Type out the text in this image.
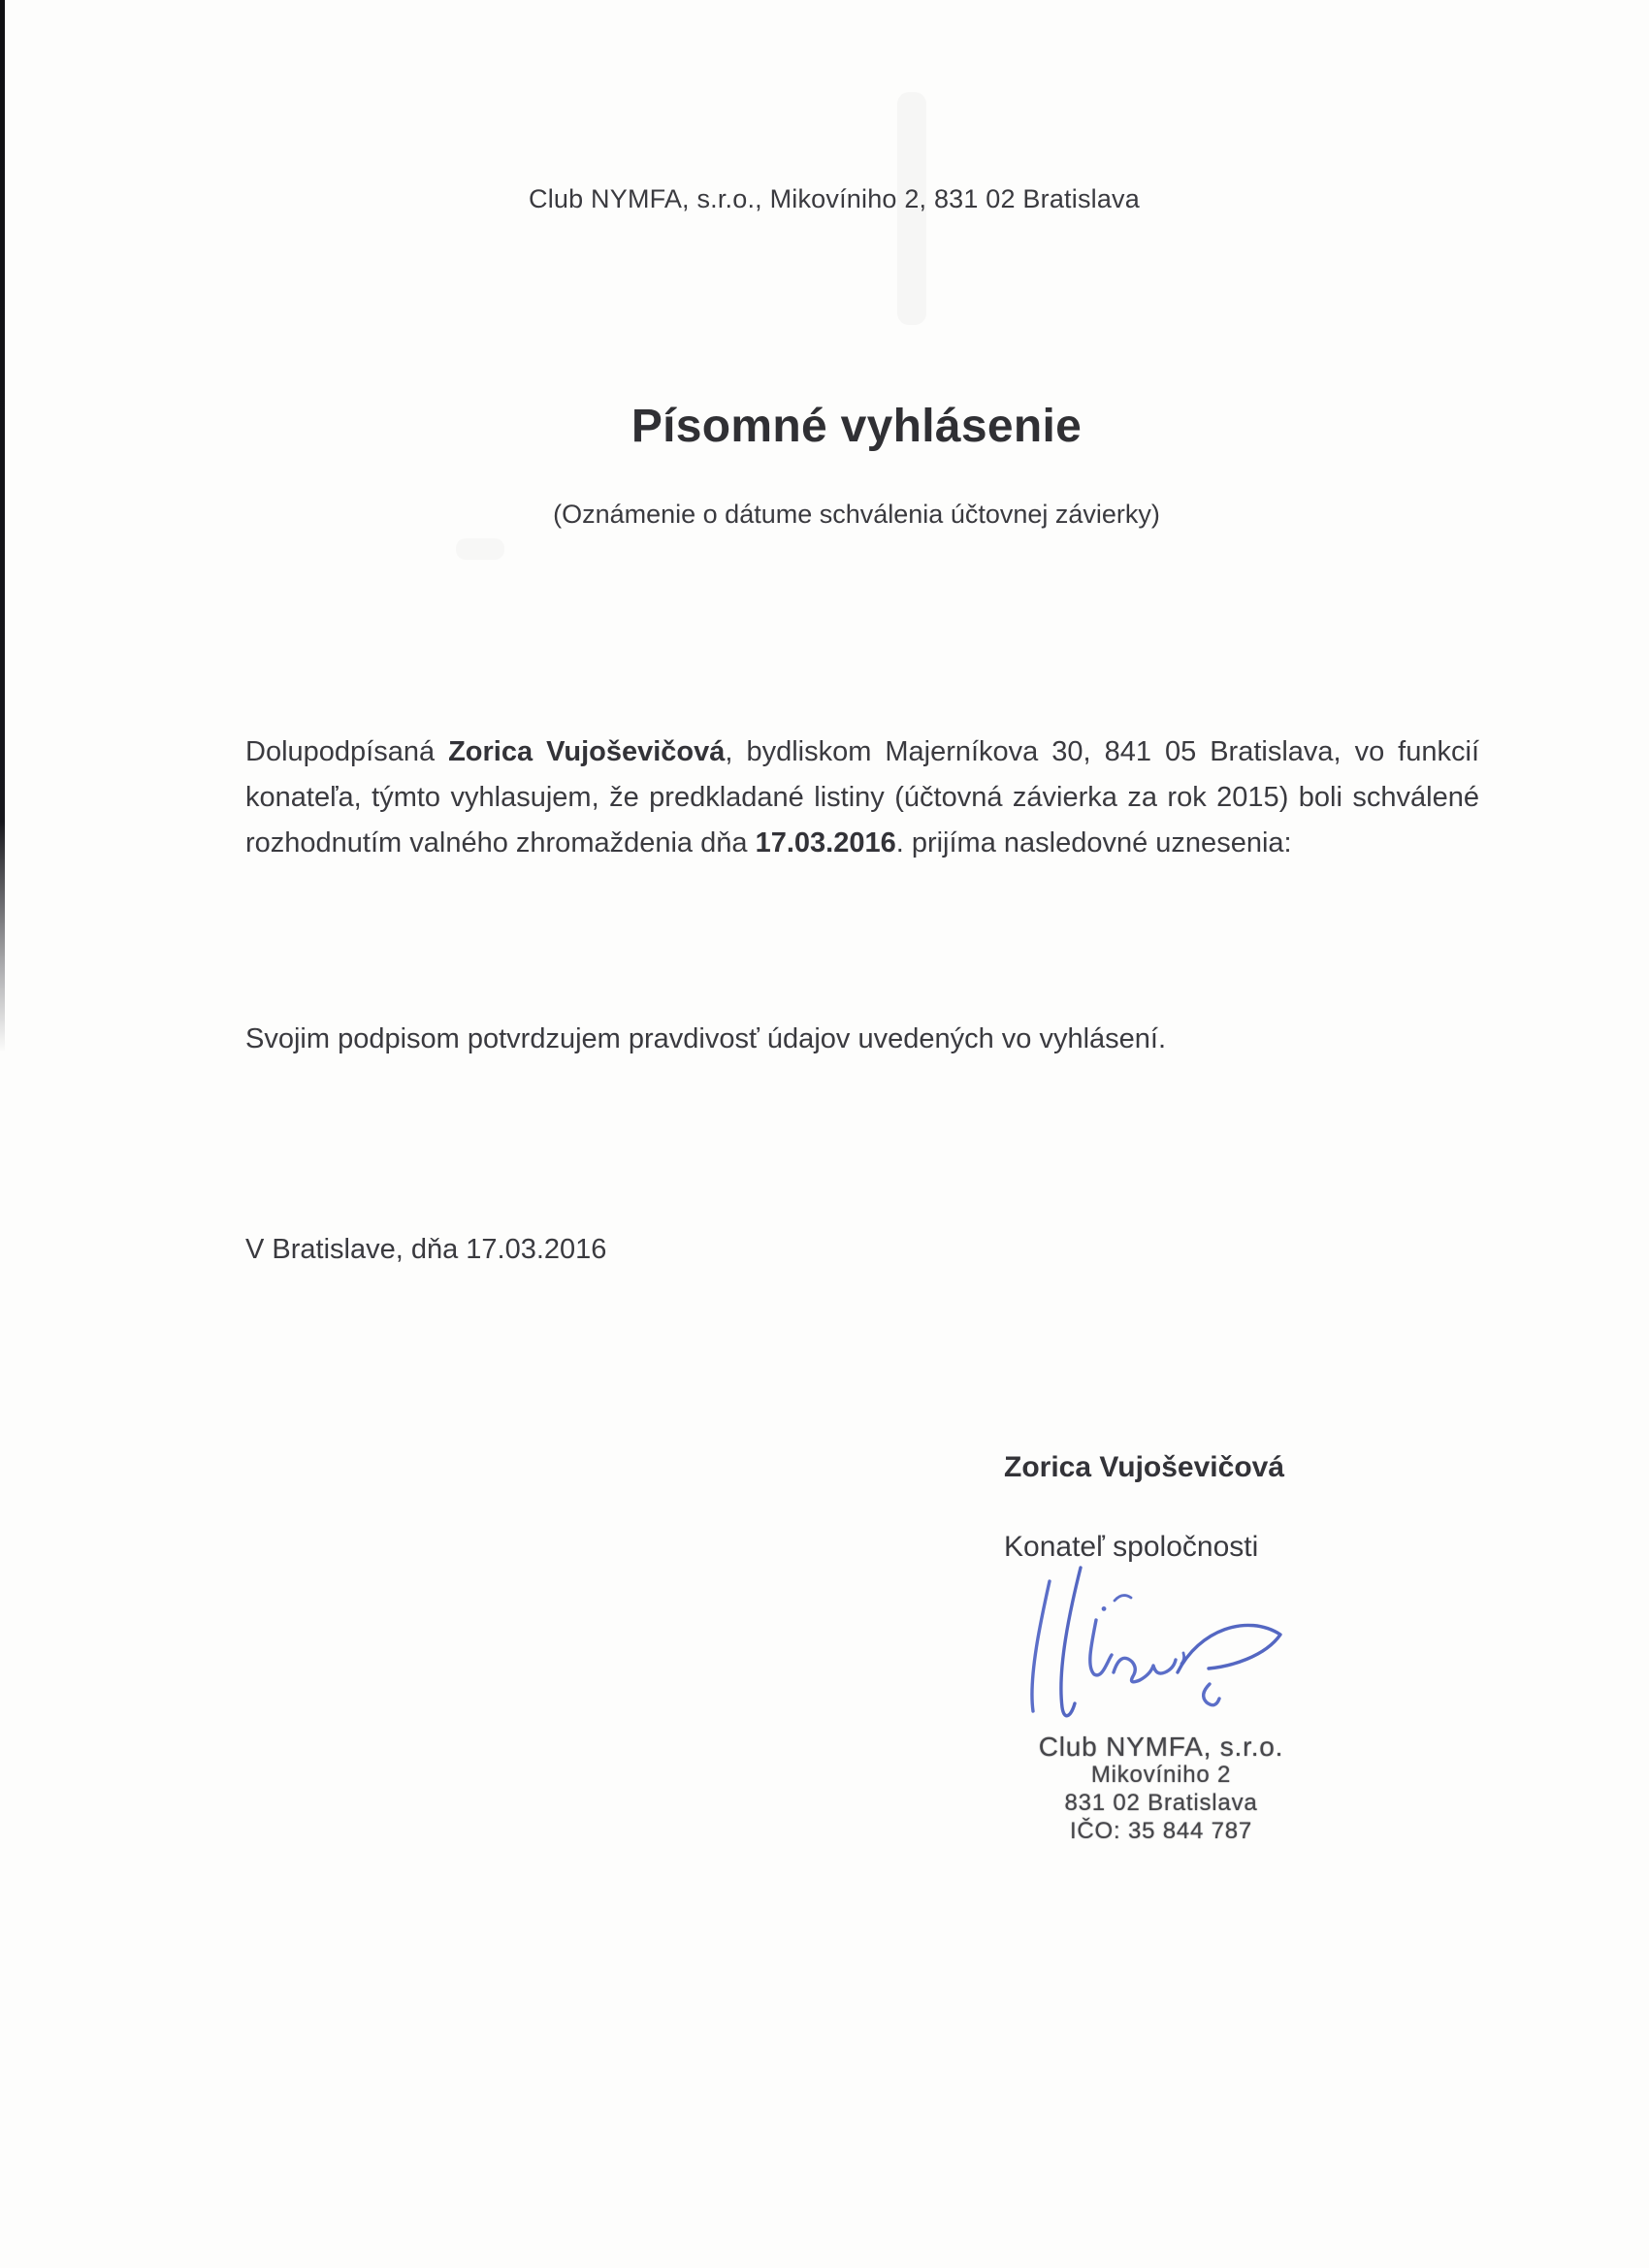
Club NYMFA, s.r.o., Mikovíniho 2, 831 02 Bratislava
Písomné vyhlásenie
(Oznámenie o dátume schválenia účtovnej závierky)
Dolupodpísaná Zorica Vujoševičová, bydliskom Majerníkova 30, 841 05 Bratislava, vo funkcií konateľa, týmto vyhlasujem, že predkladané listiny (účtovná závierka za rok 2015) boli schválené rozhodnutím valného zhromaždenia dňa 17.03.2016. prijíma nasledovné uznesenia:
Svojim podpisom potvrdzujem pravdivosť údajov uvedených vo vyhlásení.
V Bratislave, dňa 17.03.2016
Zorica Vujoševičová
Konateľ spoločnosti
Club NYMFA, s.r.o.
Mikovíniho 2
831 02 Bratislava
IČO: 35 844 787
